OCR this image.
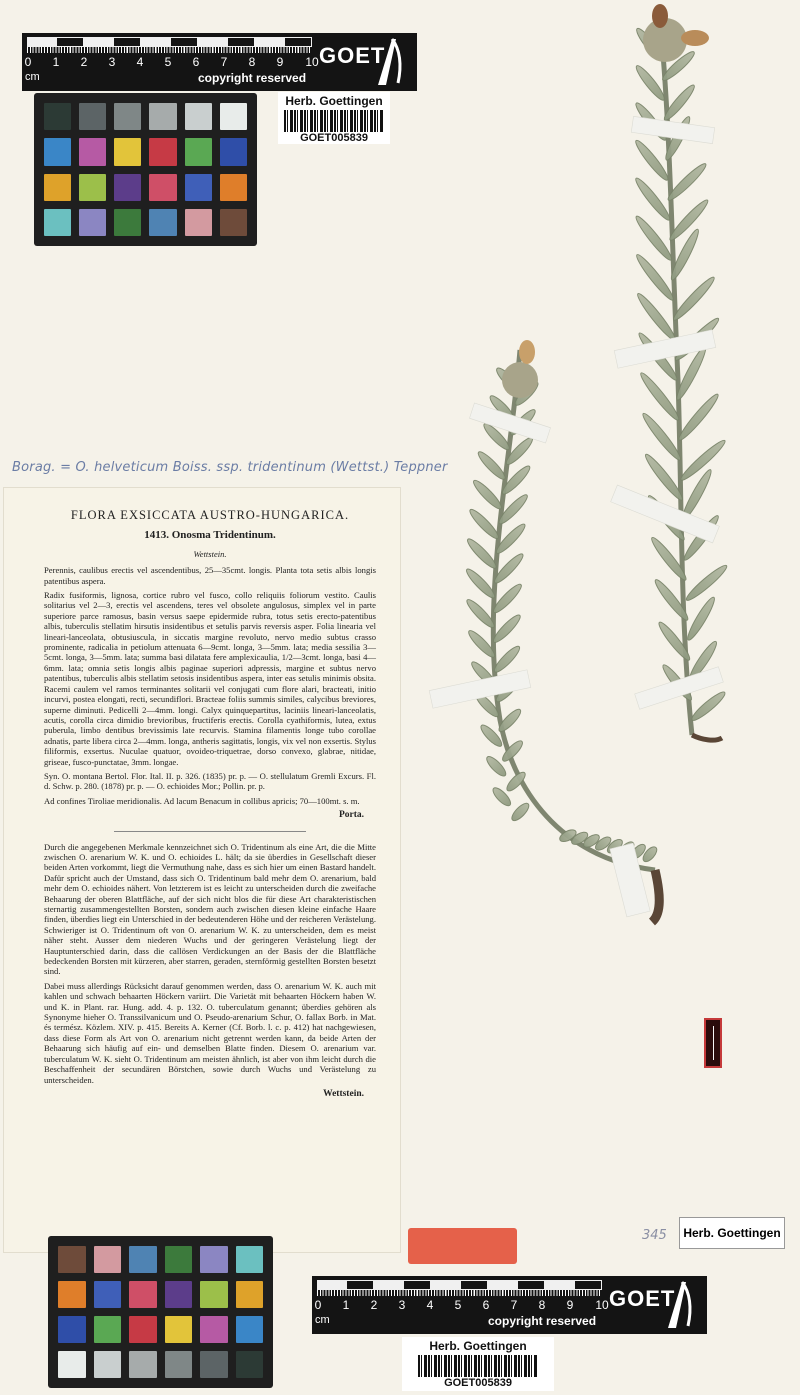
0 1 2 3 4 5 6 7 8 9 10
cm	copyright reserved
GOET
Herb. Goettingen
GOET005839
Borag. = O. helveticum Boiss. ssp. tridentinum (Wettst.) Teppner
FLORA EXSICCATA AUSTRO-HUNGARICA.
1413. Onosma Tridentinum.
Wettstein.

Perennis, caulibus erectis vel ascendentibus, 25—35cmt. longis. Planta tota setis albis longis patentibus aspera.

Radix fusiformis, lignosa, cortice rubro vel fusco, collo reliquiis foliorum vestito. Caulis solitarius vel 2—3, erectis vel ascendens, teres vel obsolete angulosus, simplex vel in parte superiore parce ramosus, basin versus saepe epidermide rubra, totus setis erecto-patentibus albis, tuberculis stellatim hirsutis insidentibus et setulis parvis reversis asper. Folia linearia vel lineari-lanceolata, obtusiuscula, in siccatis margine revoluto, nervo medio subtus crasso prominente, radicalia in petiolum attenuata 6—9cmt. longa, 3—5mm. lata; media sessilia 3—5cmt. longa, 3—5mm. lata; summa basi dilatata fere amplexicaulia, 1/2—3cmt. longa, basi 4—6mm. lata; omnia setis longis albis paginae superiori adpressis, margine et subtus nervo patentibus, tuberculis albis stellatim setosis insidentibus aspera, inter eas setulis minimis obsita. Racemi caulem vel ramos terminantes solitarii vel conjugati cum flore alari, bracteati, initio incurvi, postea elongati, recti, secundiflori. Bracteae foliis summis similes, calycibus breviores, superne diminuti. Pedicelli 2—4mm. longi. Calyx quinquepartitus, laciniis lineari-lanceolatis, acutis, corolla circa dimidio brevioribus, fructiferis erectis. Corolla cyathiformis, lutea, extus puberula, limbo dentibus brevissimis late recurvis. Stamina filamentis longe tubo corollae adnatis, parte libera circa 2—4mm. longa, antheris sagittatis, longis, vix vel non exsertis. Stylus filiformis, exsertus. Nuculae quatuor, ovoideo-triquetrae, dorso convexo, glabrae, nitidae, griseae, fusco-punctatae, 3mm. longae.

Syn. O. montana Bertol. Flor. Ital. II. p. 326. (1835) pr. p. — O. stellulatum Gremli Excurs. Fl. d. Schw. p. 280. (1878) pr. p. — O. echioides Mor.; Pollin. pr. p.

Ad confines Tiroliae meridionalis. Ad lacum Benacum in collibus apricis; 70—100mt. s. m.

Porta.

Durch die angegebenen Merkmale kennzeichnet sich O. Tridentinum als eine Art, die die Mitte zwischen O. arenarium W. K. und O. echioides L. hält; da sie überdies in Gesellschaft dieser beiden Arten vorkommt, liegt die Vermuthung nahe, dass es sich hier um einen Bastard handelt. Dafür spricht auch der Umstand, dass sich O. Tridentinum bald mehr dem O. arenarium, bald mehr dem O. echioides nähert. Von letzterem ist es leicht zu unterscheiden durch die zweifache Behaarung der oberen Blattfläche, auf der sich nicht blos die für diese Art charakteristischen sternartig zusammengestellten Borsten, sondern auch zwischen diesen kleine einfache Haare finden, überdies liegt ein Unterschied in der bedeutenderen Höhe und der reicheren Verästelung. Schwieriger ist O. Tridentinum oft von O. arenarium W. K. zu unterscheiden, dem es meist näher steht. Ausser dem niederen Wuchs und der geringeren Verästelung liegt der Hauptunterschied darin, dass die callösen Verdickungen an der Basis der die Blattfläche bedeckenden Borsten mit kürzeren, aber starren, geraden, sternförmig gestellten Borsten besetzt sind.

Dabei muss allerdings Rücksicht darauf genommen werden, dass O. arenarium W. K. auch mit kahlen und schwach behaarten Höckern variirt. Die Varietät mit behaarten Höckern haben W. und K. in Plant. rar. Hung. add. 4. p. 132. O. tuberculatum genannt; überdies gehören als Synonyme hieher O. Transsilvanicum und O. Pseudo-arenarium Schur, O. fallax Borb. in Mat. és termész. Közlem. XIV. p. 415. Bereits A. Kerner (Cf. Borb. l. c. p. 412) hat nachgewiesen, dass diese Form als Art von O. arenarium nicht getrennt werden kann, da beide Arten der Behaarung sich häufig auf ein- und demselben Blatte finden. Diesem O. arenarium var. tuberculatum W. K. sieht O. Tridentinum am meisten ähnlich, ist aber von ihm leicht durch die Beschaffenheit der secundären Börstchen, sowie durch Wuchs und Verästelung zu unterscheiden.

Wettstein.
345	Herb. Goettingen
0 1 2 3 4 5 6 7 8 9 10
cm	copyright reserved
GOET
Herb. Goettingen
GOET005839
